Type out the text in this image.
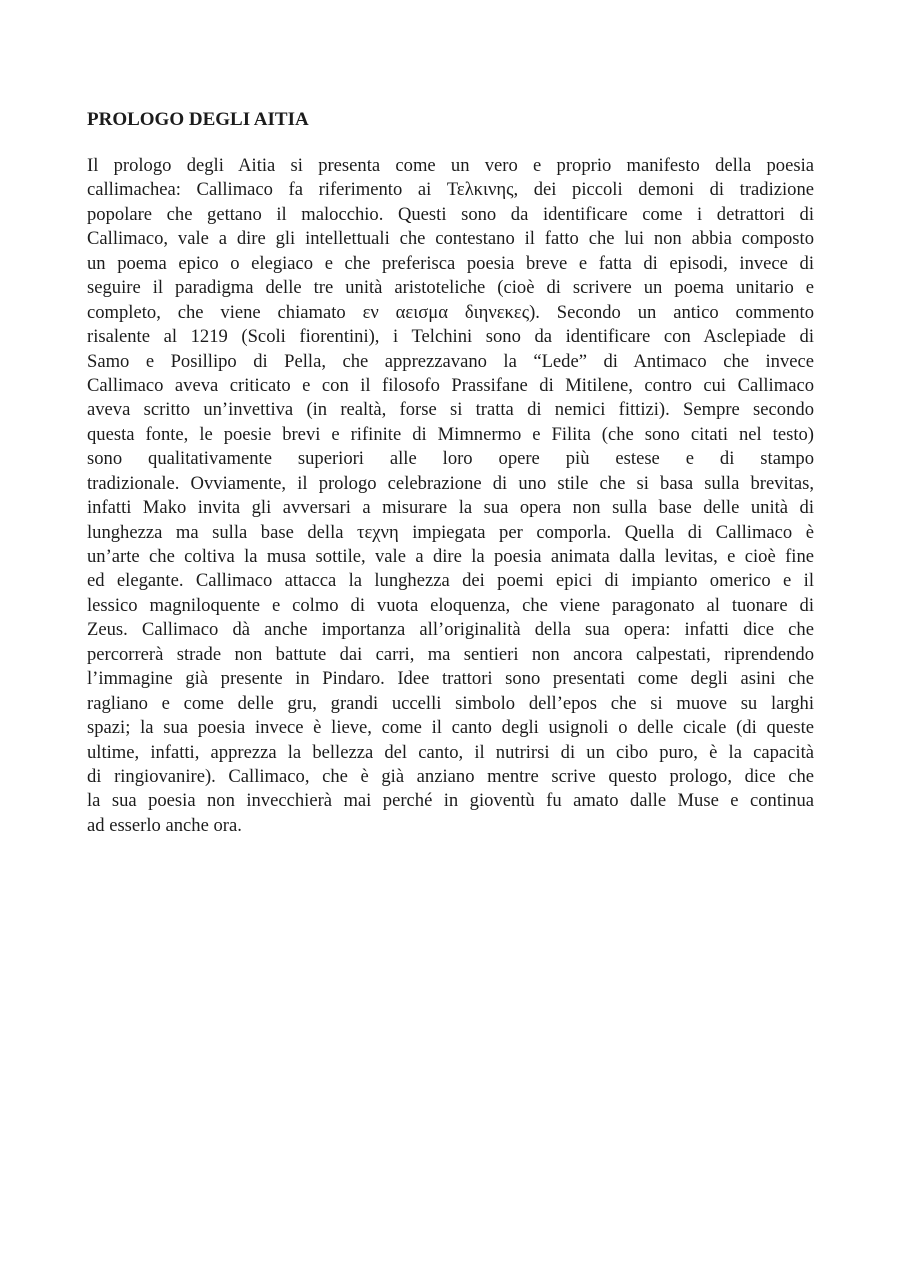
PROLOGO DEGLI AITIA
Il prologo degli Aitia si presenta come un vero e proprio manifesto della poesia
callimachea: Callimaco fa riferimento ai Τελκινης, dei piccoli demoni di tradizione
popolare che gettano il malocchio. Questi sono da identificare come i detrattori di
Callimaco, vale a dire gli intellettuali che contestano il fatto che lui non abbia composto
un poema epico o elegiaco e che preferisca poesia breve e fatta di episodi, invece di
seguire il paradigma delle tre unità aristoteliche (cioè di scrivere un poema unitario e
completo, che viene chiamato εν αεισμα διηνεκες). Secondo un antico commento
risalente al 1219 (Scoli fiorentini), i Telchini sono da identificare con Asclepiade di
Samo e Posillipo di Pella, che apprezzavano la “Lede” di Antimaco che invece
Callimaco aveva criticato e con il filosofo Prassifane di Mitilene, contro cui Callimaco
aveva scritto un’invettiva (in realtà, forse si tratta di nemici fittizi). Sempre secondo
questa fonte, le poesie brevi e rifinite di Mimnermo e Filita (che sono citati nel testo)
sono qualitativamente superiori alle loro opere più estese e di stampo
tradizionale. Ovviamente, il prologo celebrazione di uno stile che si basa sulla brevitas,
infatti Mako invita gli avversari a misurare la sua opera non sulla base delle unità di
lunghezza ma sulla base della τεχνη impiegata per comporla. Quella di Callimaco è
un’arte che coltiva la musa sottile, vale a dire la poesia animata dalla levitas, e cioè fine
ed elegante. Callimaco attacca la lunghezza dei poemi epici di impianto omerico e il
lessico magniloquente e colmo di vuota eloquenza, che viene paragonato al tuonare di
Zeus. Callimaco dà anche importanza all’originalità della sua opera: infatti dice che
percorrerà strade non battute dai carri, ma sentieri non ancora calpestati, riprendendo
l’immagine già presente in Pindaro. Idee trattori sono presentati come degli asini che
ragliano e come delle gru, grandi uccelli simbolo dell’epos che si muove su larghi
spazi; la sua poesia invece è lieve, come il canto degli usignoli o delle cicale (di queste
ultime, infatti, apprezza la bellezza del canto, il nutrirsi di un cibo puro, è la capacità
di ringiovanire). Callimaco, che è già anziano mentre scrive questo prologo, dice che
la sua poesia non invecchierà mai perché in gioventù fu amato dalle Muse e continua
ad esserlo anche ora.
